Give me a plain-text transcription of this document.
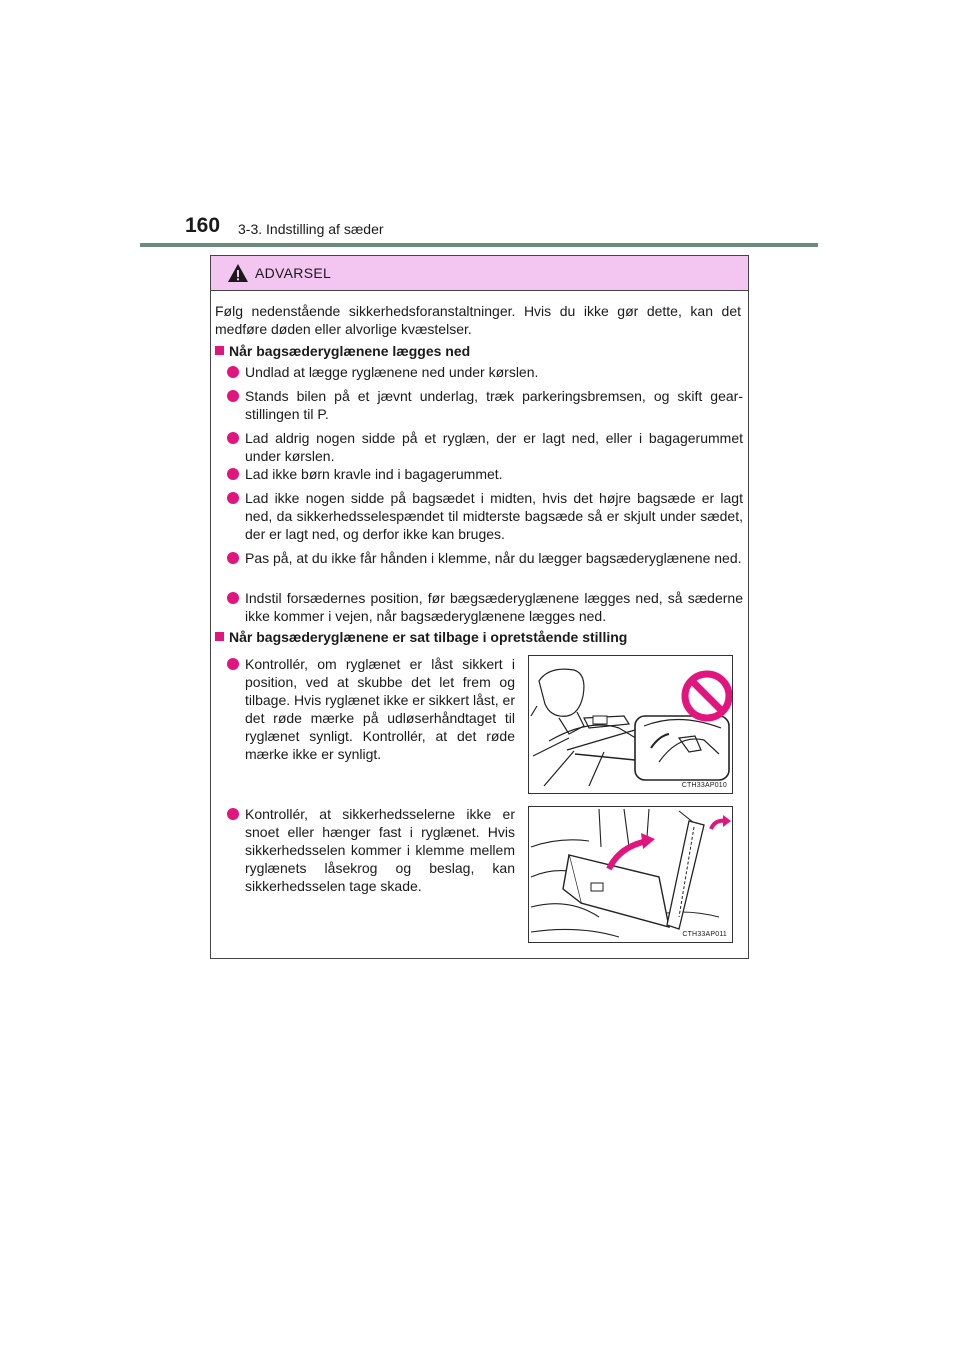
160 3-3. Indstilling af sæder
ADVARSEL
Følg nedenstående sikkerhedsforanstaltninger. Hvis du ikke gør dette, kan det medføre døden eller alvorlige kvæstelser.
Når bagsæderyglænene lægges ned
Undlad at lægge ryglænene ned under kørslen.
Stands bilen på et jævnt underlag, træk parkeringsbremsen, og skift gear-stillingen til P.
Lad aldrig nogen sidde på et ryglæn, der er lagt ned, eller i bagagerummet under kørslen.
Lad ikke børn kravle ind i bagagerummet.
Lad ikke nogen sidde på bagsædet i midten, hvis det højre bagsæde er lagt ned, da sikkerhedsselespændet til midterste bagsæde så er skjult under sædet, der er lagt ned, og derfor ikke kan bruges.
Pas på, at du ikke får hånden i klemme, når du lægger bagsæderyglænene ned.
Indstil forsædernes position, før bægsæderyglænene lægges ned, så sæderne ikke kommer i vejen, når bagsæderyglænene lægges ned.
Når bagsæderyglænene er sat tilbage i opretstående stilling
Kontrollér, om ryglænet er låst sikkert i position, ved at skubbe det let frem og tilbage. Hvis ryglænet ikke er sikkert låst, er det røde mærke på udløserhåndtaget til ryglænet synligt. Kontrollér, at det røde mærke ikke er synligt.
Kontrollér, at sikkerhedsselerne ikke er snoet eller hænger fast i ryglænet. Hvis sikkerhedsselen kommer i klemme mellem ryglænets låsekrog og beslag, kan sikkerhedsselen tage skade.
CTH33AP010
CTH33AP011
